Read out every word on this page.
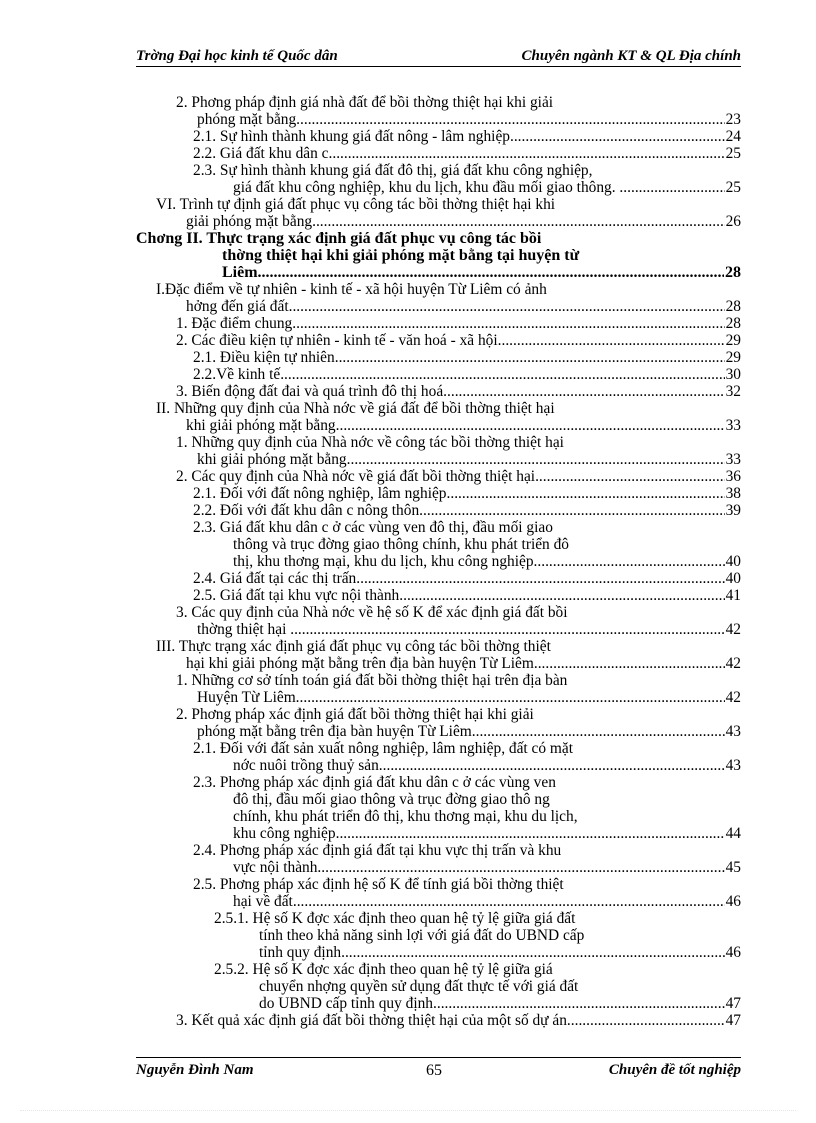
Trờng Đại học kinh tế Quốc dân	Chuyên ngành KT & QL Địa chính
2. Phơng pháp định giá nhà đất để bồi thờng thiệt hại khi giải
phóng mặt bằng. .....	23
2.1. Sự hình thành khung giá đất nông - lâm nghiệp. .....	24
2.2. Giá đất khu dân c. .....	25
2.3. Sự hình thành khung giá đất đô thị, giá đất khu công nghiệp,
giá đất khu công nghiệp, khu du lịch, khu đầu mối giao thông. . .....	25
VI. Trình tự định giá đất phục vụ công tác bồi thờng thiệt hại khi
giải phóng mặt bằng. .....	26
Chơng II. Thực trạng xác định giá đất phục vụ công tác bồi
thờng thiệt hại khi giải phóng mặt bằng tại huyện từ
Liêm .....	28
I.Đặc điểm về tự nhiên - kinh tế - xã hội huyện Từ Liêm có ảnh
hởng đến giá đất. .....	28
1. Đặc điểm chung. .....	28
2. Các điều kiện tự nhiên - kinh tế - văn hoá - xã hội. .....	29
2.1. Điều kiện tự nhiên. .....	29
2.2.Về kinh tế. .....	30
3. Biến động đất đai và quá trình đô thị hoá. .....	32
II. Những quy định của Nhà nớc về giá đất để bồi thờng thiệt hại
khi giải phóng mặt bằng. .....	33
1. Những quy định của Nhà nớc về công tác bồi thờng thiệt hại
khi giải phóng mặt bằng. .....	33
2. Các quy định của Nhà nớc về giá đất bồi thờng thiệt hại .....	36
2.1. Đối với đất nông nghiệp, lâm nghiệp. .....	38
2.2. Đối với đất khu dân c nông thôn. .....	39
2.3. Giá đất khu dân c ở các vùng ven đô thị, đầu mối giao
thông và trục đờng giao thông chính, khu phát triển đô
thị, khu thơng mại, khu du lịch, khu công nghiệp. .....	40
2.4. Giá đất tại các thị trấn. .....	40
2.5. Giá đất tại khu vực nội thành. .....	41
3. Các quy định của Nhà nớc về hệ số K để xác định giá đất bồi
thờng thiệt hại . .....	42
III. Thực trạng xác định giá đất phục vụ công tác bồi thờng thiệt
hại khi giải phóng mặt bằng trên địa bàn huyện Từ Liêm. .....	42
1. Những cơ sở tính toán giá đất bồi thờng thiệt hại trên địa bàn
Huyện Từ Liêm. .....	42
2. Phơng pháp xác định giá đất bồi thờng thiệt hại khi giải
phóng mặt bằng trên địa bàn huyện Từ Liêm. .....	43
2.1. Đối với đất sản xuất nông nghiệp, lâm nghiệp, đất có mặt
nớc nuôi trồng thuỷ sản. .....	43
2.3. Phơng pháp xác định giá đất khu dân c ở các vùng ven
đô thị, đầu mối giao thông và trục đờng giao thô ng
chính, khu phát triển đô thị, khu thơng mại, khu du lịch,
khu công nghiệp. .....	44
2.4. Phơng pháp xác định giá đất tại khu vực thị trấn và khu
vực nội thành. .....	45
2.5. Phơng pháp xác định hệ số K để tính giá bồi thờng thiệt
hại về đất. .....	46
2.5.1. Hệ số K đợc xác định theo quan hệ tỷ lệ giữa giá đất
tính theo khả năng sinh lợi với giá đất do UBND cấp
tỉnh quy định. .....	46
2.5.2. Hệ số K đợc xác định theo quan hệ tỷ lệ giữa giá
chuyển nhợng quyền sử dụng đất thực tế với giá đất
do UBND cấp tỉnh quy định. .....	47
3. Kết quả xác định giá đất bồi thờng thiệt hại của một số dự án. .....	47
Nguyễn Đình Nam	65	Chuyên đề tốt nghiệp
